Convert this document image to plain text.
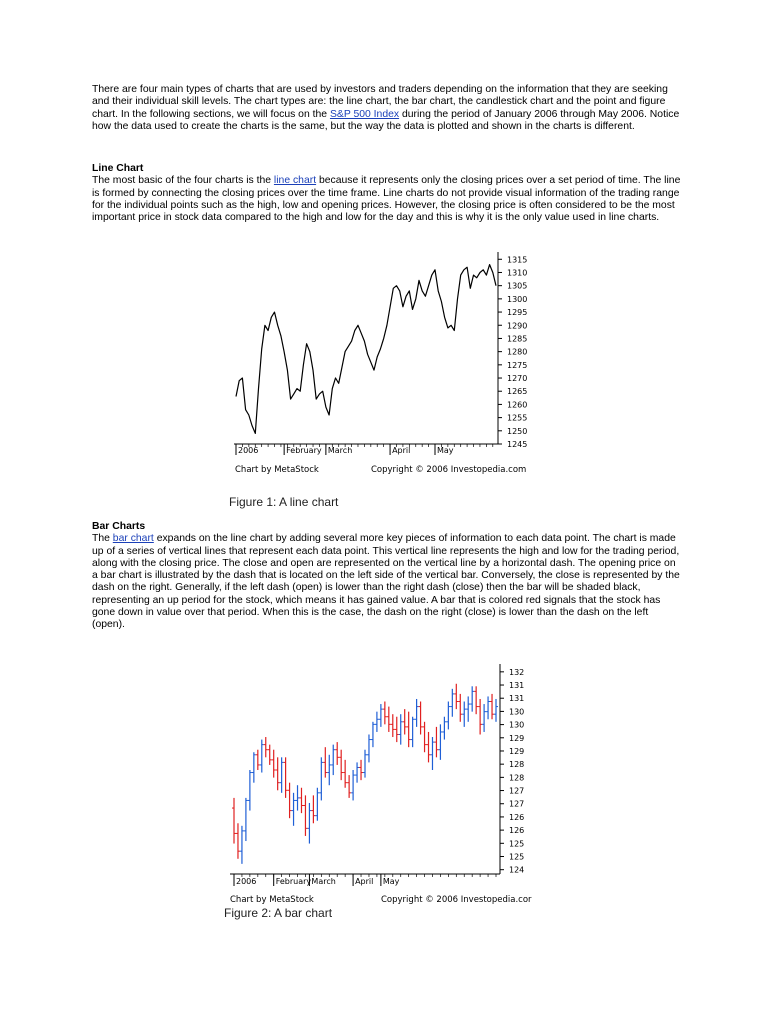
There are four main types of charts that are used by investors and traders depending on the information that they are seeking and their individual skill levels. The chart types are: the line chart, the bar chart, the candlestick chart and the point and figure chart. In the following sections, we will focus on the S&P 500 Index during the period of January 2006 through May 2006. Notice how the data used to create the charts is the same, but the way the data is plotted and shown in the charts is different.

Line Chart
The most basic of the four charts is the line chart because it represents only the closing prices over a set period of time. The line is formed by connecting the closing prices over the time frame. Line charts do not provide visual information of the trading range for the individual points such as the high, low and opening prices. However, the closing price is often considered to be the most important price in stock data compared to the high and low for the day and this is why it is the only value used in line charts.

1245
1250
1255
1260
1265
1270
1275
1280
1285
1290
1295
1300
1305
1310
1315
2006	February March	April	May
Chart by MetaStock	Copyright © 2006 Investopedia.com
Figure 1: A line chart

Bar Charts
The bar chart expands on the line chart by adding several more key pieces of information to each data point. The chart is made up of a series of vertical lines that represent each data point. This vertical line represents the high and low for the trading period, along with the closing price. The close and open are represented on the vertical line by a horizontal dash. The opening price on a bar chart is illustrated by the dash that is located on the left side of the vertical bar. Conversely, the close is represented by the dash on the right. Generally, if the left dash (open) is lower than the right dash (close) then the bar will be shaded black, representing an up period for the stock, which means it has gained value. A bar that is colored red signals that the stock has gone down in value over that period. When this is the case, the dash on the right (close) is lower than the dash on the left (open).

132
131
131
130
130
129
129
128
128
127
127
126
126
125
125
124
2006 February March April May
Chart by MetaStock	Copyright © 2006 Investopedia.cor
Figure 2: A bar chart
